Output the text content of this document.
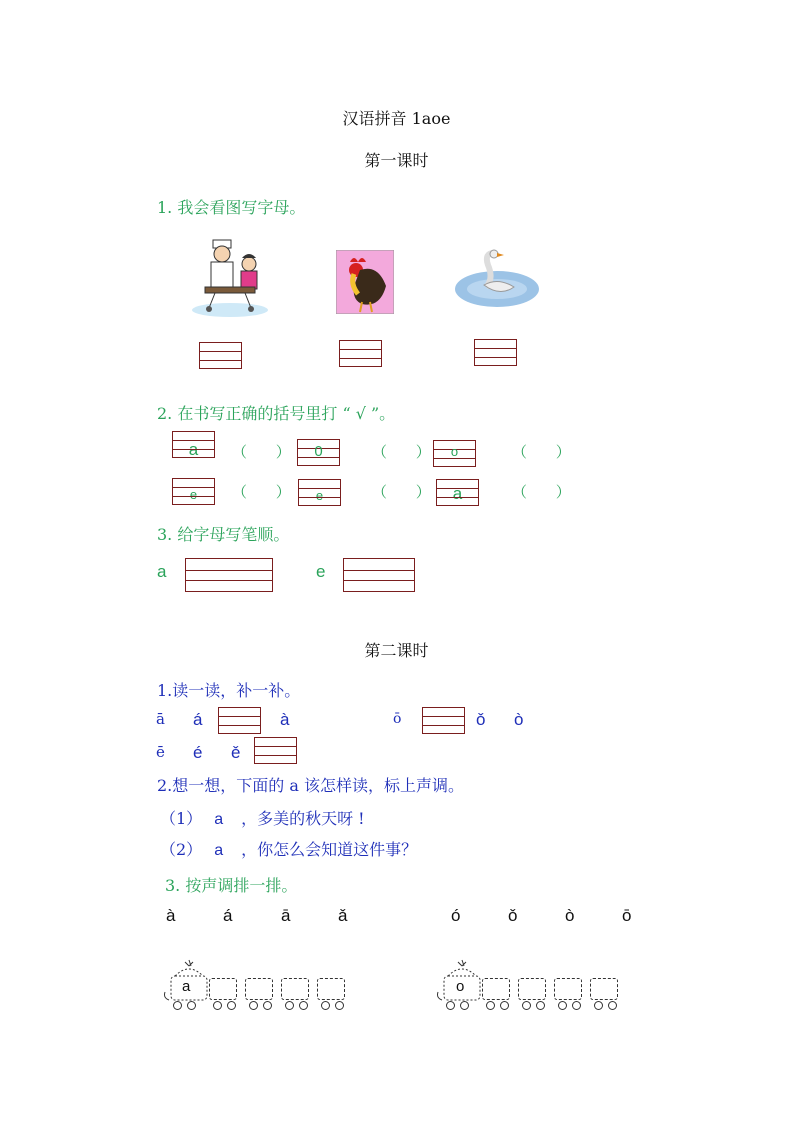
汉语拼音 1aoe
第一课时
1. 我会看图写字母。
2. 在书写正确的括号里打 “ √ ”。
a	（ ） 0	（ ） o	（ ）
e	（ ）	e	（ ） a	（ ）
3. 给字母写笔顺。
a	e
第二课时
1.读一读，补一补。
ā á	à	ō	ǒ ò
ē é ě
2.想一想，下面的 a 该怎样读，标上声调。
（1） a ，多美的秋天呀 !
（2） a ，你怎么会知道这件事？
3. 按声调排一排。
à	á	ā	ǎ	ó	ǒ	ò	ō
a	o
